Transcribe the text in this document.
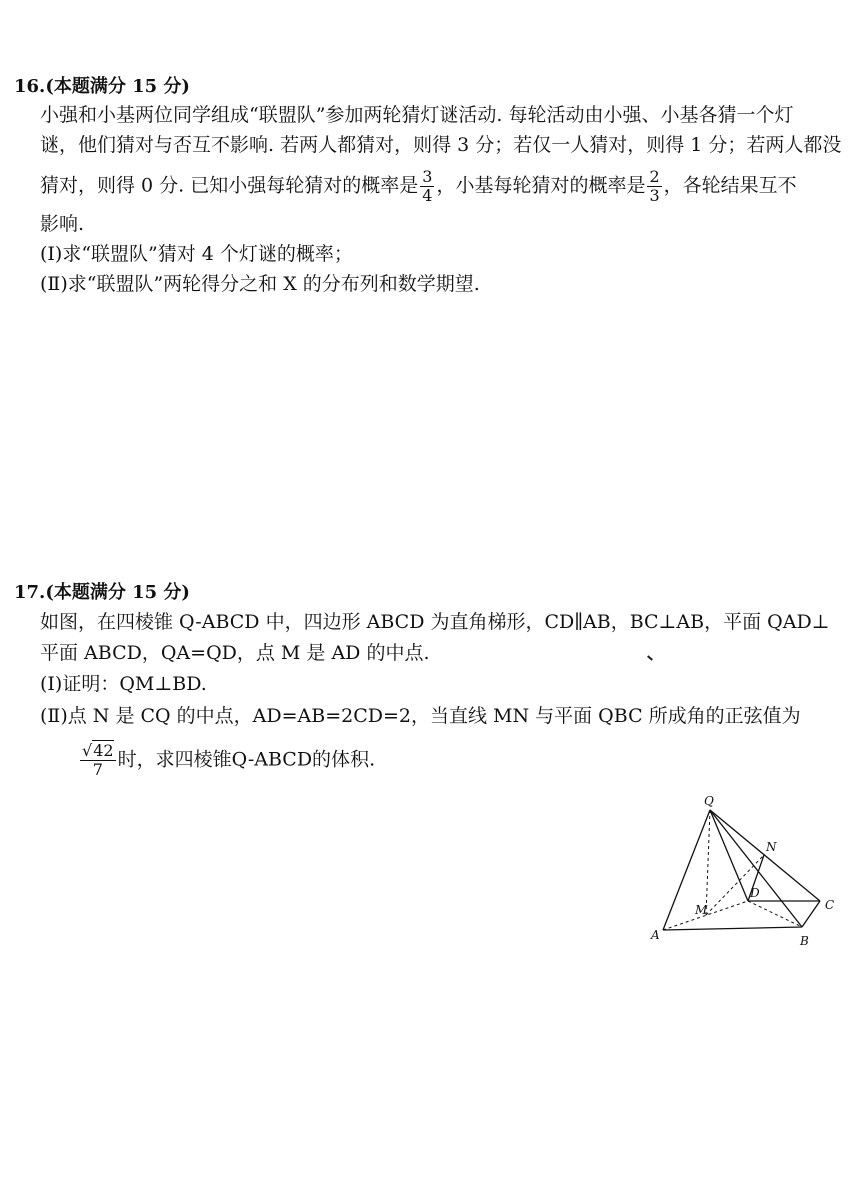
16.(本题满分 15 分)
小强和小基两位同学组成“联盟队”参加两轮猜灯谜活动. 每轮活动由小强、小基各猜一个灯
谜，他们猜对与否互不影响. 若两人都猜对，则得 3 分；若仅一人猜对，则得 1 分；若两人都没
猜对，则得 0 分. 已知小强每轮猜对的概率是 $\frac{3}{4}$ ，小基每轮猜对的概率是 $\frac{2}{3}$ ，各轮结果互不
影响.
(Ⅰ)求“联盟队”猜对 4 个灯谜的概率；
(Ⅱ)求“联盟队”两轮得分之和 X 的分布列和数学期望.
17.(本题满分 15 分)
如图，在四棱锥 Q-ABCD 中，四边形 ABCD 为直角梯形，CD∥AB，BC⊥AB，平面 QAD⊥
平面 ABCD，QA=QD，点 M 是 AD 的中点.
(Ⅰ)证明：QM⊥BD.
(Ⅱ)点 N 是 CQ 的中点，AD=AB=2CD=2，当直线 MN 与平面 QBC 所成角的正弦值为
$\frac{√42}{7}$ 时，求四棱锥Q-ABCD的体积.
Q
N
D
C
M
A	B
